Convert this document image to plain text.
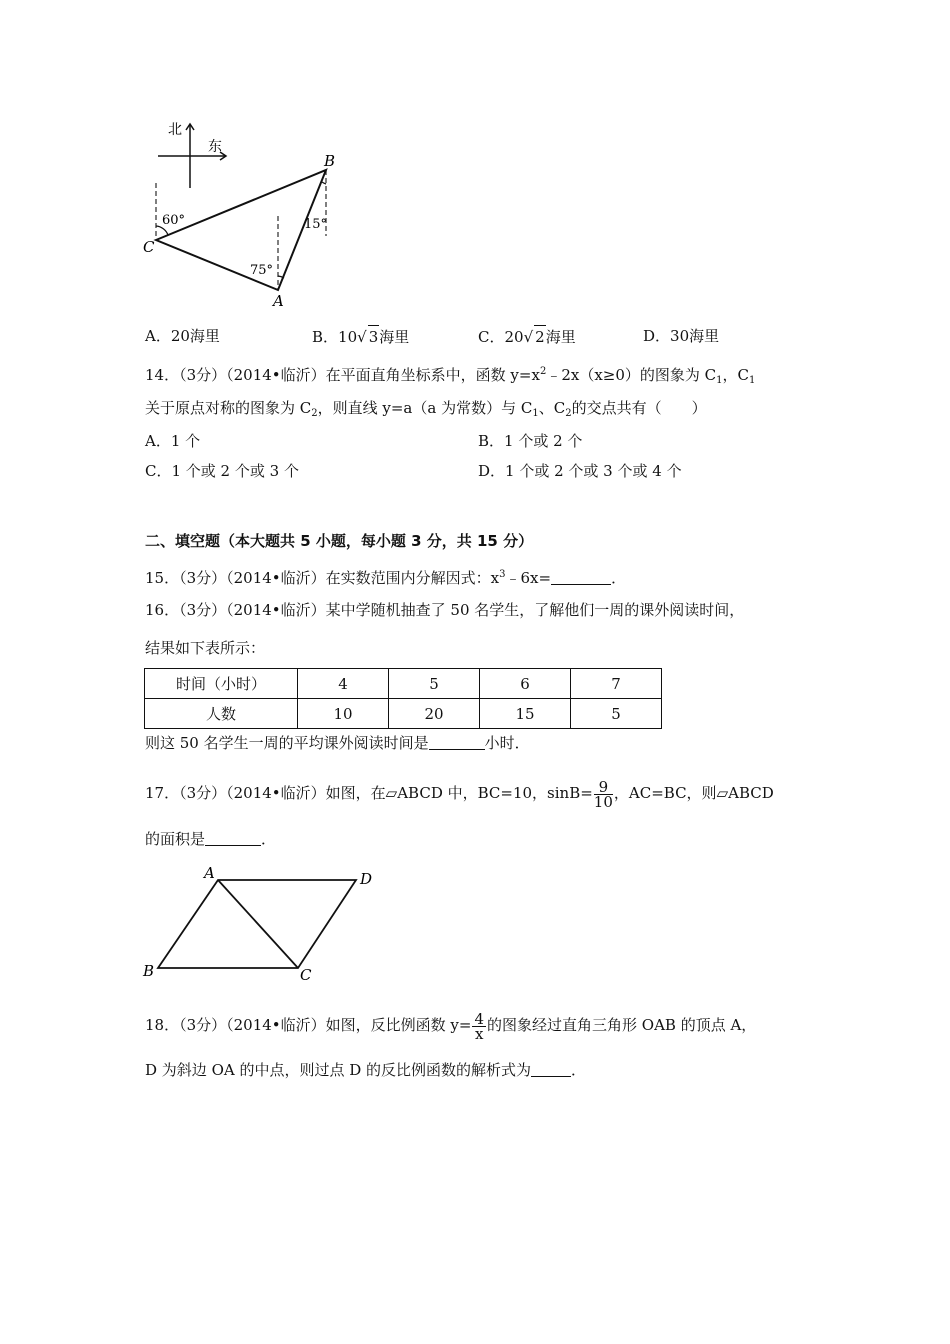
北
东
C
B
A
60°
75°
15°
A．20海里	B．10√ 3海里	C．20√ 2海里	D．30海里
14．（3分）（2014•临沂）在平面直角坐标系中，函数 $y=x^2﹣2x(x\ge 0)$的图象为 $C_1$，$C_1$
关于原点对称的图象为 $C_2$，则直线 y=a（a 为常数）与 $C_1$、$C_2$的交点共有（　　）
A．1 个	B．1 个或 2 个
C．1 个或 2 个或 3 个	D．1 个或 2 个或 3 个或 4 个
二、填空题（本大题共 5 小题，每小题 3 分，共 15 分）
15．（3分）（2014•临沂）在实数范围内分解因式：$x^3﹣6x=$	．
16．（3分）（2014•临沂）某中学随机抽查了 50 名学生，了解他们一周的课外阅读时间，
结果如下表所示：
时间（小时）	4	5	6	7
人数	10	20	15	5
则这 50 名学生一周的平均课外阅读时间是	小时．
17．（3分）（2014•临沂）如图，在▱ABCD 中，BC=10，$\sin B= \frac{9}{10}$ ，AC=BC，则▱ABCD
的面积是	．
A	D
B	C
18．（3分）（2014•临沂）如图，反比例函数 $y= \frac{4}{x}$ 的图象经过直角三角形 OAB 的顶点 A，
D 为斜边 OA 的中点，则过点 D 的反比例函数的解析式为	．
